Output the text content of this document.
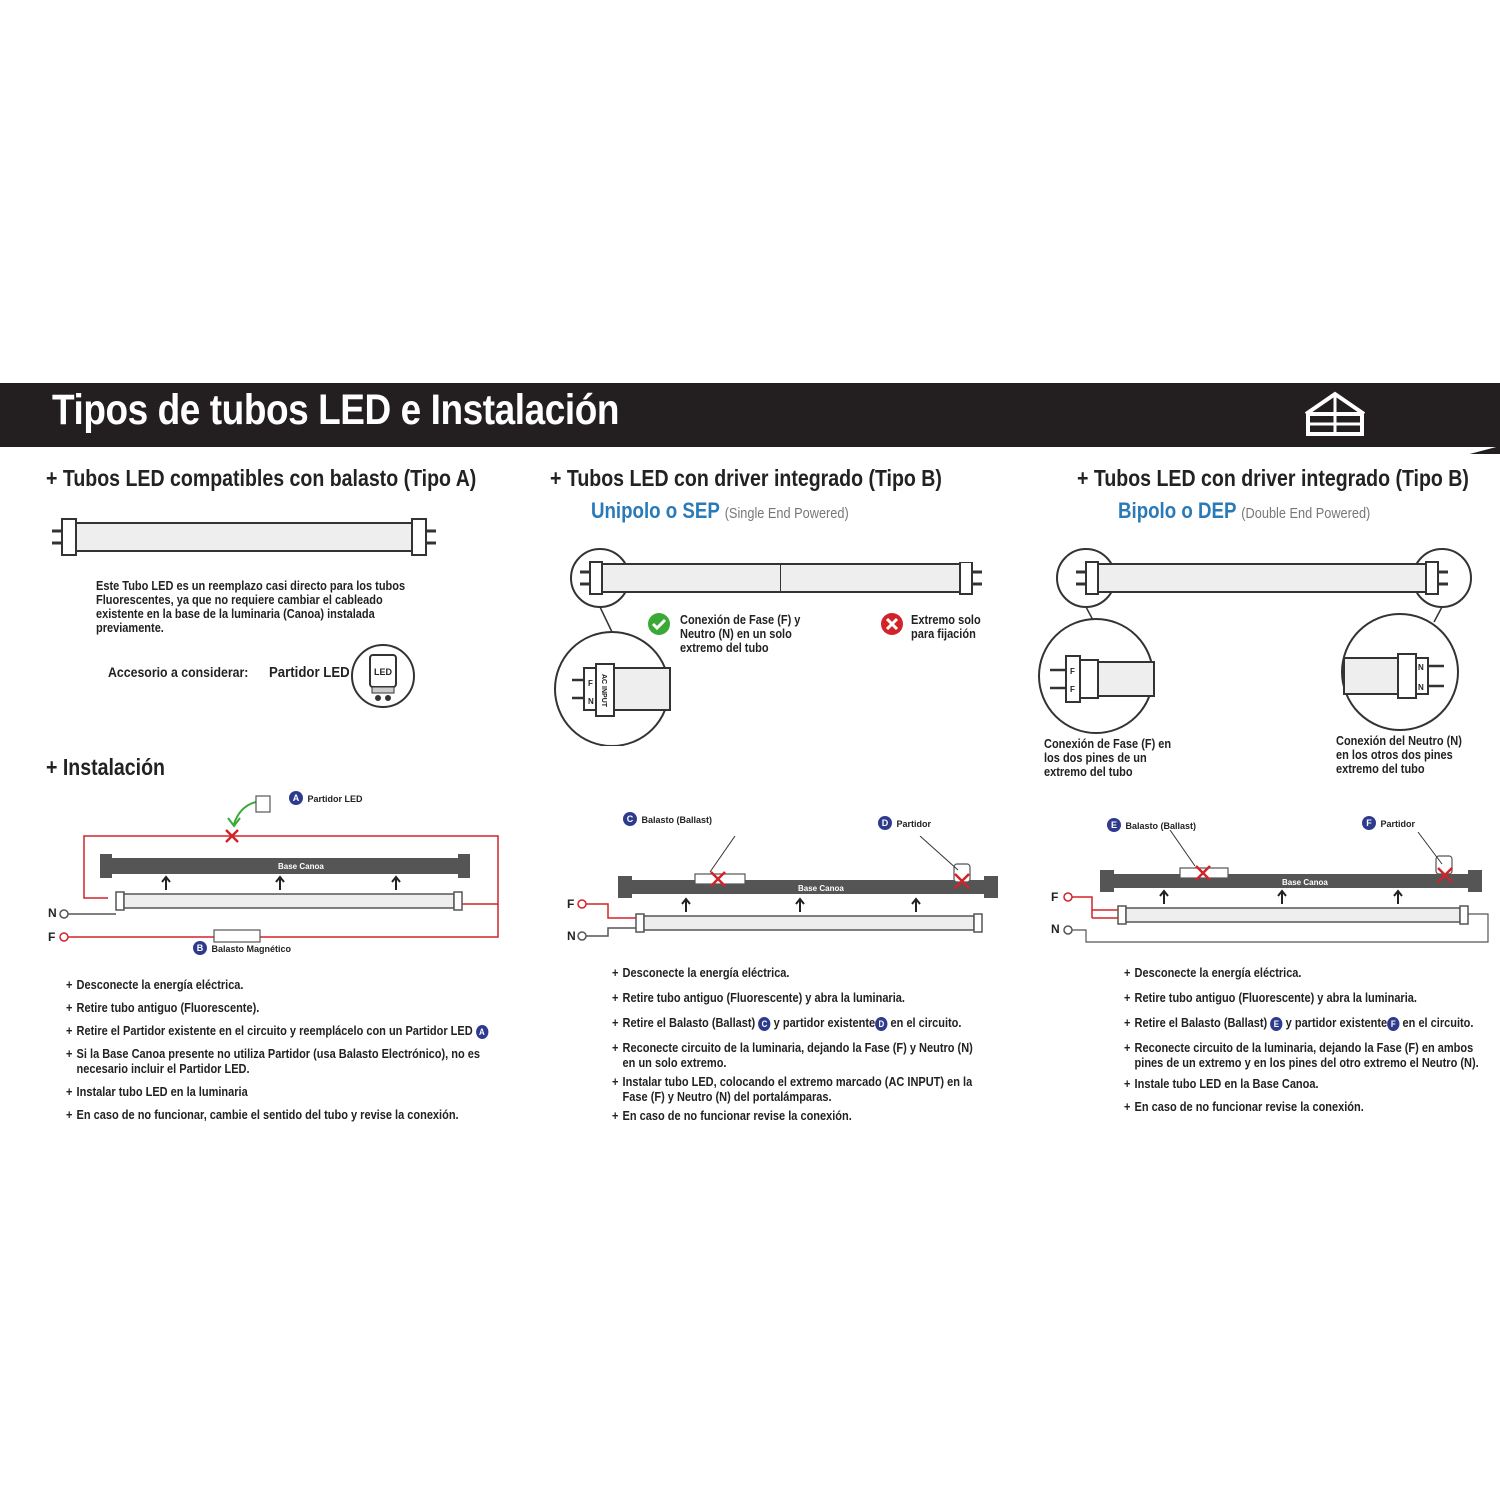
Tipos de tubos LED e Instalación
+ Tubos LED compatibles con balasto (Tipo A)
Este Tubo LED es un reemplazo casi directo para los tubos Fluorescentes, ya que no requiere cambiar el cableado existente en la base de la luminaria (Canoa) instalada previamente.
Accesorio a considerar: Partidor LED	LED
+ Instalación
Base Canoa
N
F
A Partidor LED
B Balasto Magnético
+ Desconecte la energía eléctrica.
+ Retire tubo antiguo (Fluorescente).
+ Retire el Partidor existente en el circuito y reemplácelo con un Partidor LED A
+ Si la Base Canoa presente no utiliza Partidor (usa Balasto Electrónico), no es necesario incluir el Partidor LED.
+ Instalar tubo LED en la luminaria
+ En caso de no funcionar, cambie el sentido del tubo y revise la conexión.
+ Tubos LED con driver integrado (Tipo B)
Unipolo o SEP (Single End Powered)
F
N AC INPUT
Conexión de Fase (F) y Neutro (N) en un solo extremo del tubo
Extremo solo para fijación
Base Canoa
F
N
C Balasto (Ballast)	D Partidor
+ Desconecte la energía eléctrica.
+ Retire tubo antiguo (Fluorescente) y abra la luminaria.
+ Retire el Balasto (Ballast) C y partidor existente D en el circuito.
+ Reconecte circuito de la luminaria, dejando la Fase (F) y Neutro (N)
en un solo extremo.
+ Instalar tubo LED, colocando el extremo marcado (AC INPUT) en la
Fase (F) y Neutro (N) del portalámparas.
+ En caso de no funcionar revise la conexión.
+ Tubos LED con driver integrado (Tipo B)
Bipolo o DEP (Double End Powered)
F
F
N
N
Conexión de Fase (F) en los dos pines de un extremo del tubo
Conexión del Neutro (N) en los otros dos pines extremo del tubo
Base Canoa
F
N
E Balasto (Ballast)	F Partidor
+ Desconecte la energía eléctrica.
+ Retire tubo antiguo (Fluorescente) y abra la luminaria.
+ Retire el Balasto (Ballast) E y partidor existente F en el circuito.
+ Reconecte circuito de la luminaria, dejando la Fase (F) en ambos
pines de un extremo y en los pines del otro extremo el Neutro (N).
+ Instale tubo LED en la Base Canoa.
+ En caso de no funcionar revise la conexión.
